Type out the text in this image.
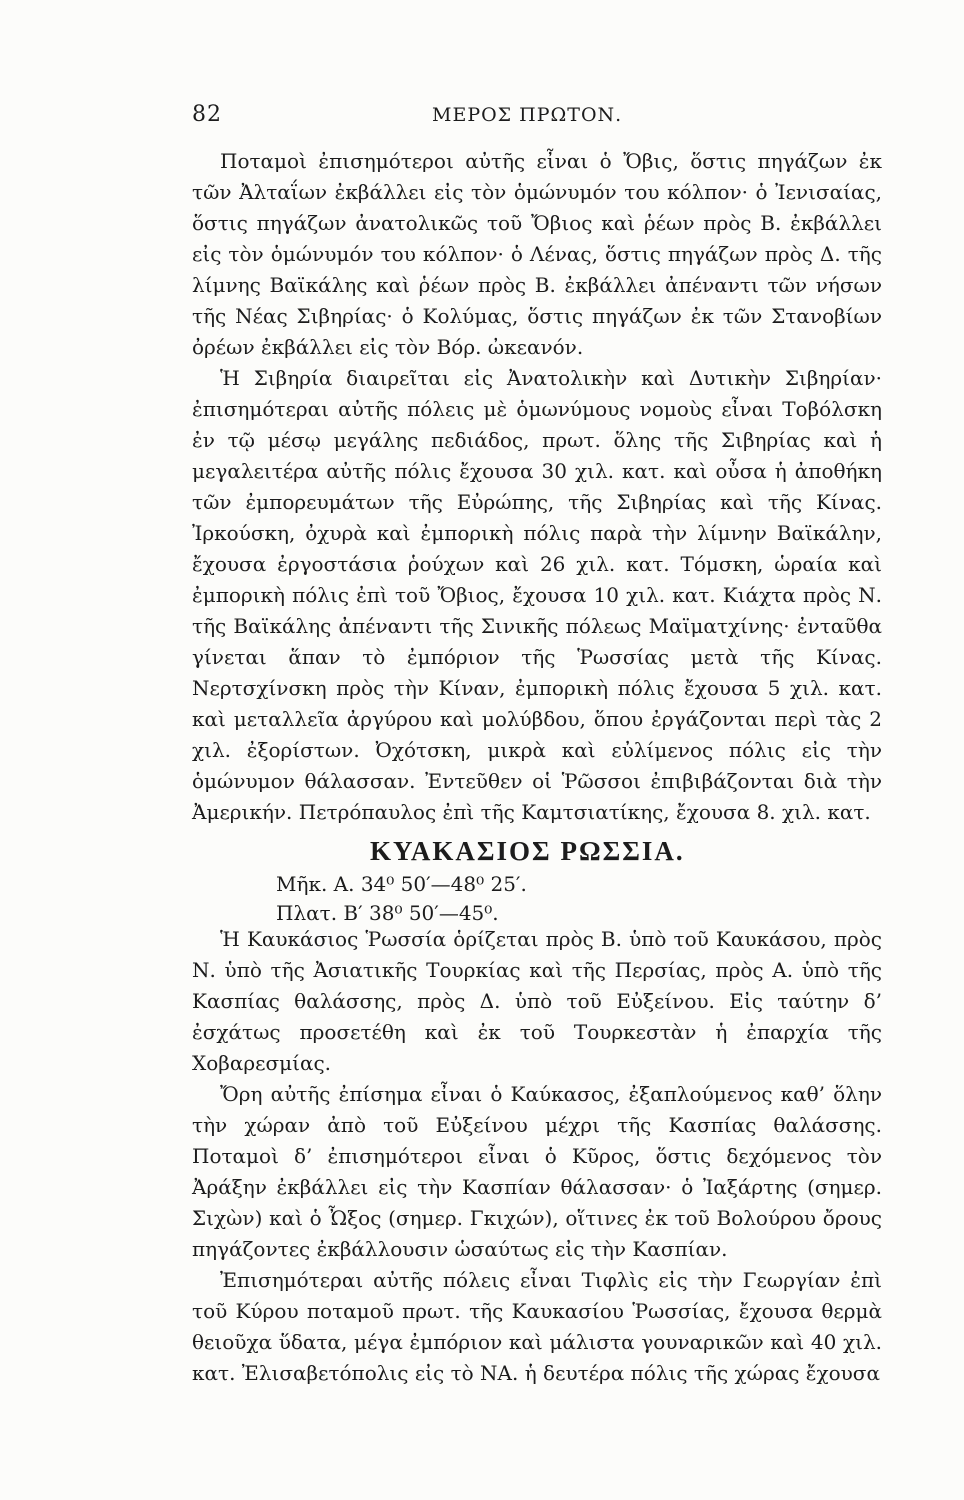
82	ΜΕΡΟΣ ΠΡΩΤΟΝ.

Ποταμοὶ ἐπισημότεροι αὐτῆς εἶναι ὁ Ὄβις, ὅστις πηγάζων ἐκ τῶν Ἀλταΐων ἐκβάλλει εἰς τὸν ὁμώνυμόν του κόλπον· ὁ Ἰενισαίας, ὅστις πηγάζων ἀνατολικῶς τοῦ Ὄβιος καὶ ῥέων πρὸς Β. ἐκβάλλει εἰς τὸν ὁμώνυμόν του κόλπον· ὁ Λένας, ὅστις πηγάζων πρὸς Δ. τῆς λίμνης Βαϊκάλης καὶ ῥέων πρὸς Β. ἐκβάλλει ἀπέναντι τῶν νήσων τῆς Νέας Σιβηρίας· ὁ Κολύμας, ὅστις πηγάζων ἐκ τῶν Στανοβίων ὀρέων ἐκβάλλει εἰς τὸν Βόρ. ὠκεανόν.

Ἡ Σιβηρία διαιρεῖται εἰς Ἀνατολικὴν καὶ Δυτικὴν Σιβηρίαν· ἐπισημότεραι αὐτῆς πόλεις μὲ ὁμωνύμους νομοὺς εἶναι Τοβόλσκη ἐν τῷ μέσῳ μεγάλης πεδιάδος, πρωτ. ὅλης τῆς Σιβηρίας καὶ ἡ μεγαλειτέρα αὐτῆς πόλις ἔχουσα 30 χιλ. κατ. καὶ οὖσα ἡ ἀποθήκη τῶν ἐμπορευμάτων τῆς Εὐρώπης, τῆς Σιβηρίας καὶ τῆς Κίνας. Ἰρκούσκη, ὀχυρὰ καὶ ἐμπορικὴ πόλις παρὰ τὴν λίμνην Βαϊκάλην, ἔχουσα ἐργοστάσια ῥούχων καὶ 26 χιλ. κατ. Τόμσκη, ὡραία καὶ ἐμπορικὴ πόλις ἐπὶ τοῦ Ὄβιος, ἔχουσα 10 χιλ. κατ. Κιάχτα πρὸς Ν. τῆς Βαϊκάλης ἀπέναντι τῆς Σινικῆς πόλεως Μαϊματχίνης· ἐνταῦθα γίνεται ἅπαν τὸ ἐμπόριον τῆς Ῥωσσίας μετὰ τῆς Κίνας. Νερτσχίνσκη πρὸς τὴν Κίναν, ἐμπορικὴ πόλις ἔχουσα 5 χιλ. κατ. καὶ μεταλλεῖα ἀργύρου καὶ μολύβδου, ὅπου ἐργάζονται περὶ τὰς 2 χιλ. ἐξορίστων. Ὀχότσκη, μικρὰ καὶ εὐλίμενος πόλις εἰς τὴν ὁμώνυμον θάλασσαν. Ἐντεῦθεν οἱ Ῥῶσσοι ἐπιβιβάζονται διὰ τὴν Ἀμερικήν. Πετρόπαυλος ἐπὶ τῆς Καμτσιατίκης, ἔχουσα 8. χιλ. κατ.

ΚΥΑΚΑΣΙΟΣ ΡΩΣΣΙΑ.
Μῆκ. Α. 34⁰ 50′—48⁰ 25′.
Πλατ. Β′ 38⁰ 50′—45⁰.

Ἡ Καυκάσιος Ῥωσσία ὁρίζεται πρὸς Β. ὑπὸ τοῦ Καυκάσου, πρὸς Ν. ὑπὸ τῆς Ἀσιατικῆς Τουρκίας καὶ τῆς Περσίας, πρὸς Α. ὑπὸ τῆς Κασπίας θαλάσσης, πρὸς Δ. ὑπὸ τοῦ Εὐξείνου. Εἰς ταύτην δ’ ἐσχάτως προσετέθη καὶ ἐκ τοῦ Τουρκεστὰν ἡ ἐπαρχία τῆς Χοβαρεσμίας.

Ὄρη αὐτῆς ἐπίσημα εἶναι ὁ Καύκασος, ἐξαπλούμενος καθ’ ὅλην τὴν χώραν ἀπὸ τοῦ Εὐξείνου μέχρι τῆς Κασπίας θαλάσσης. Ποταμοὶ δ’ ἐπισημότεροι εἶναι ὁ Κῦρος, ὅστις δεχόμενος τὸν Ἀράξην ἐκβάλλει εἰς τὴν Κασπίαν θάλασσαν· ὁ Ἰαξάρτης (σημερ. Σιχὼν) καὶ ὁ Ὦξος (σημερ. Γκιχών), οἵτινες ἐκ τοῦ Βολούρου ὄρους πηγάζοντες ἐκβάλλουσιν ὡσαύτως εἰς τὴν Κασπίαν.

Ἐπισημότεραι αὐτῆς πόλεις εἶναι Τιφλὶς εἰς τὴν Γεωργίαν ἐπὶ τοῦ Κύρου ποταμοῦ πρωτ. τῆς Καυκασίου Ῥωσσίας, ἔχουσα θερμὰ θειοῦχα ὕδατα, μέγα ἐμπόριον καὶ μάλιστα γουναρικῶν καὶ 40 χιλ. κατ. Ἐλισαβετόπολις εἰς τὸ ΝΑ. ἡ δευτέρα πόλις τῆς χώρας ἔχουσα
